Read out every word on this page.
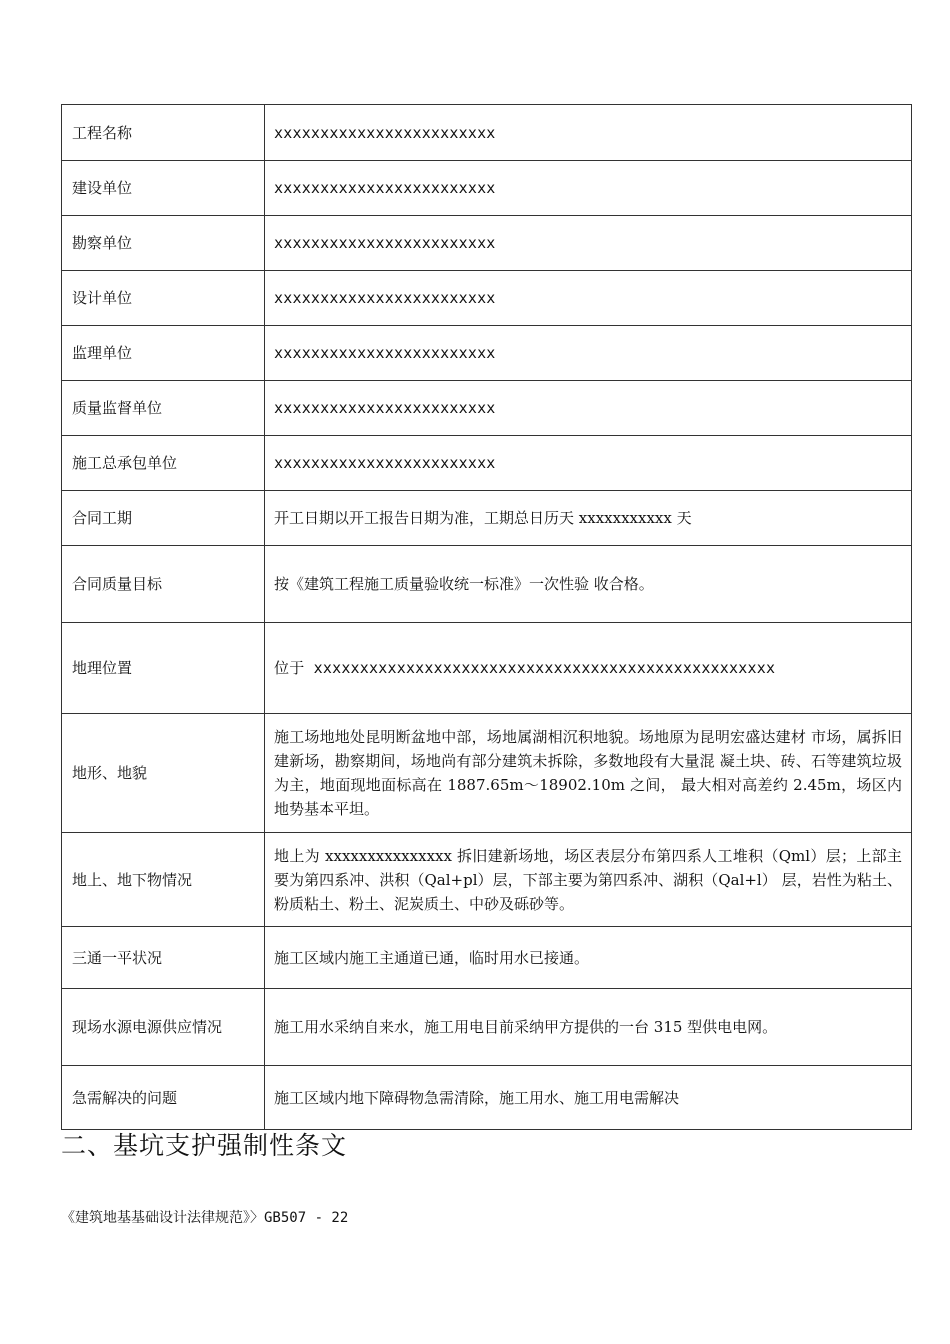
工程名称	xxxxxxxxxxxxxxxxxxxxxxxx
建设单位	xxxxxxxxxxxxxxxxxxxxxxxx
勘察单位	xxxxxxxxxxxxxxxxxxxxxxxx
设计单位	xxxxxxxxxxxxxxxxxxxxxxxx
监理单位	xxxxxxxxxxxxxxxxxxxxxxxx
质量监督单位	xxxxxxxxxxxxxxxxxxxxxxxx
施工总承包单位	xxxxxxxxxxxxxxxxxxxxxxxx
合同工期	开工日期以开工报告日期为准，工期总日历天 xxxxxxxxxxx 天
合同质量目标	按《建筑工程施工质量验收统一标准》一次性验 收合格。
地理位置	位于 xxxxxxxxxxxxxxxxxxxxxxxxxxxxxxxxxxxxxxxxxxxxxxxxxx
地形、地貌	施工场地地处昆明断盆地中部，场地属湖相沉积地貌。场地原为昆明宏盛达建材 市场，属拆旧建新场，勘察期间，场地尚有部分建筑未拆除，多数地段有大量混 凝土块、砖、石等建筑垃圾为主，地面现地面标高在 1887.65m〜18902.10m 之间， 最大相对高差约 2.45m，场区内地势基本平坦。
地上、地下物情况	地上为 xxxxxxxxxxxxxxx 拆旧建新场地，场区表层分布第四系人工堆积（Qml）层；上部主要为第四系冲、洪积（Qal+pl）层，下部主要为第四系冲、湖积（Qal+l） 层，岩性为粘土、粉质粘土、粉土、泥炭质土、中砂及砾砂等。
三通一平状况	施工区域内施工主通道已通，临时用水已接通。
现场水源电源供应情况	施工用水采纳自来水，施工用电目前采纳甲方提供的一台 315 型供电电网。
急需解决的问题	施工区域内地下障碍物急需清除，施工用水、施工用电需解决
二、基坑支护强制性条文

《建筑地基基础设计法律规范》〉GB507 - 22
